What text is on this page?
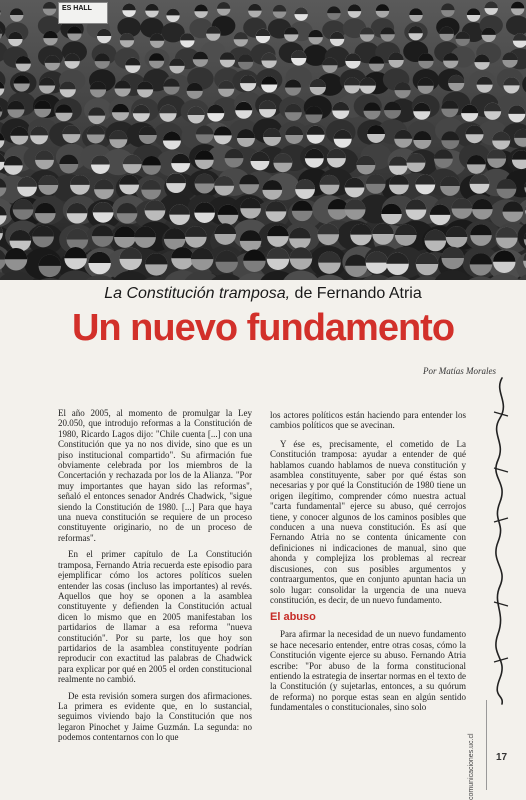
ES HALL
La Constitución tramposa, de Fernando Atria
Un nuevo fundamento

Por Matías Morales

El año 2005, al momento de promulgar la Ley 20.050, que introdujo reformas a la Constitución de 1980, Ricardo Lagos dijo: "Chile cuenta [...] con una Constitución que ya no nos divide, sino que es un piso institucional compartido". Su afirmación fue obviamente celebrada por los miembros de la Concertación y rechazada por los de la Alianza. "Por muy importantes que hayan sido las reformas", señaló el entonces senador Andrés Chadwick, "sigue siendo la Constitución de 1980. [...] Para que haya una nueva constitución se requiere de un proceso constituyente originario, no de un proceso de reformas".

En el primer capítulo de La Constitución tramposa, Fernando Atria recuerda este episodio para ejemplificar cómo los actores políticos suelen entender las cosas (incluso las importantes) al revés. Aquellos que hoy se oponen a la asamblea constituyente y defienden la Constitución actual dicen lo mismo que en 2005 manifestaban los partidarios de llamar a esa reforma "nueva constitución". Por su parte, los que hoy son partidarios de la asamblea constituyente podrían reproducir con exactitud las palabras de Chadwick para explicar por qué en 2005 el orden constitucional realmente no cambió.

De esta revisión somera surgen dos afirmaciones. La primera es evidente que, en lo sustancial, seguimos viviendo bajo la Constitución que nos legaron Pinochet y Jaime Guzmán. La segunda: no podemos contentarnos con lo que

los actores políticos están haciendo para entender los cambios políticos que se avecinan.

Y ése es, precisamente, el cometido de La Constitución tramposa: ayudar a entender de qué hablamos cuando hablamos de nueva constitución y asamblea constituyente, saber por qué éstas son necesarias y por qué la Constitución de 1980 tiene un origen ilegítimo, comprender cómo nuestra actual "carta fundamental" ejerce su abuso, qué cerrojos tiene, y conocer algunos de los caminos posibles que conducen a una nueva constitución. Es así que Fernando Atria no se contenta únicamente con definiciones ni indicaciones de manual, sino que ahonda y complejiza los problemas al recrear discusiones, con sus posibles argumentos y contraargumentos, que en conjunto apuntan hacia un solo lugar: consolidar la urgencia de una nueva constitución, es decir, de un nuevo fundamento.

El abuso

Para afirmar la necesidad de un nuevo fundamento se hace necesario entender, entre otras cosas, cómo la Constitución vigente ejerce su abuso. Fernando Atria escribe: "Por abuso de la forma constitucional entiendo la estrategia de insertar normas en el texto de la Constitución (y sujetarlas, entonces, a su quórum de reforma) no porque estas sean en algún sentido fundamentales o constitucionales, sino solo

comunicaciones.uc.cl 17
